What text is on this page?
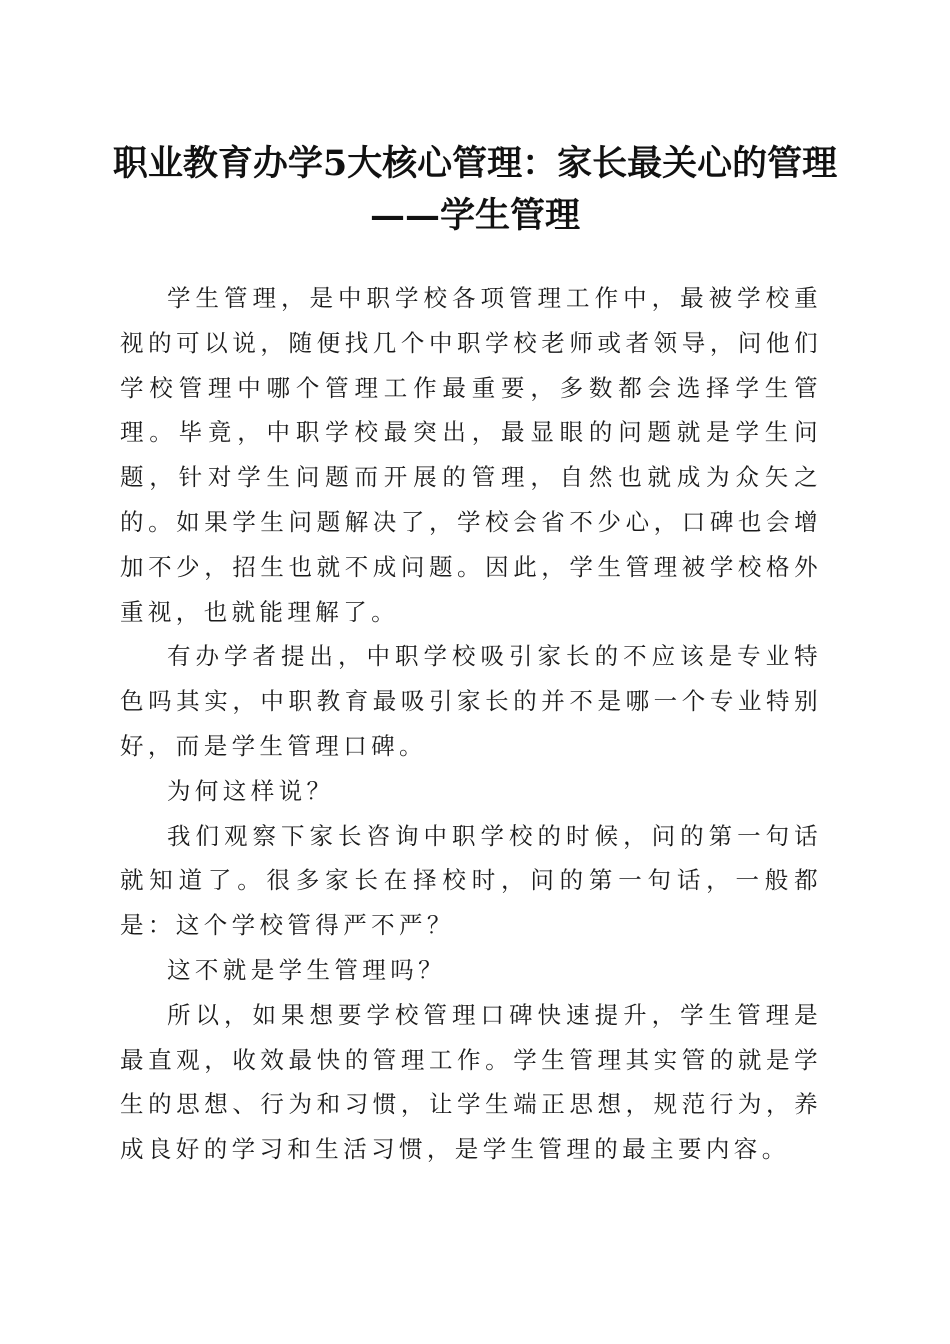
职业教育办学5大核心管理：家长最关心的管理——学生管理

学生管理，是中职学校各项管理工作中，最被学校重视的可以说，随便找几个中职学校老师或者领导，问他们学校管理中哪个管理工作最重要，多数都会选择学生管理。毕竟，中职学校最突出，最显眼的问题就是学生问题，针对学生问题而开展的管理，自然也就成为众矢之的。如果学生问题解决了，学校会省不少心，口碑也会增加不少，招生也就不成问题。因此，学生管理被学校格外重视，也就能理解了。

有办学者提出，中职学校吸引家长的不应该是专业特色吗其实，中职教育最吸引家长的并不是哪一个专业特别好，而是学生管理口碑。

为何这样说？

我们观察下家长咨询中职学校的时候，问的第一句话就知道了。很多家长在择校时，问的第一句话，一般都是：这个学校管得严不严？

这不就是学生管理吗？

所以，如果想要学校管理口碑快速提升，学生管理是最直观，收效最快的管理工作。学生管理其实管的就是学生的思想、行为和习惯，让学生端正思想，规范行为，养成良好的学习和生活习惯，是学生管理的最主要内容。
